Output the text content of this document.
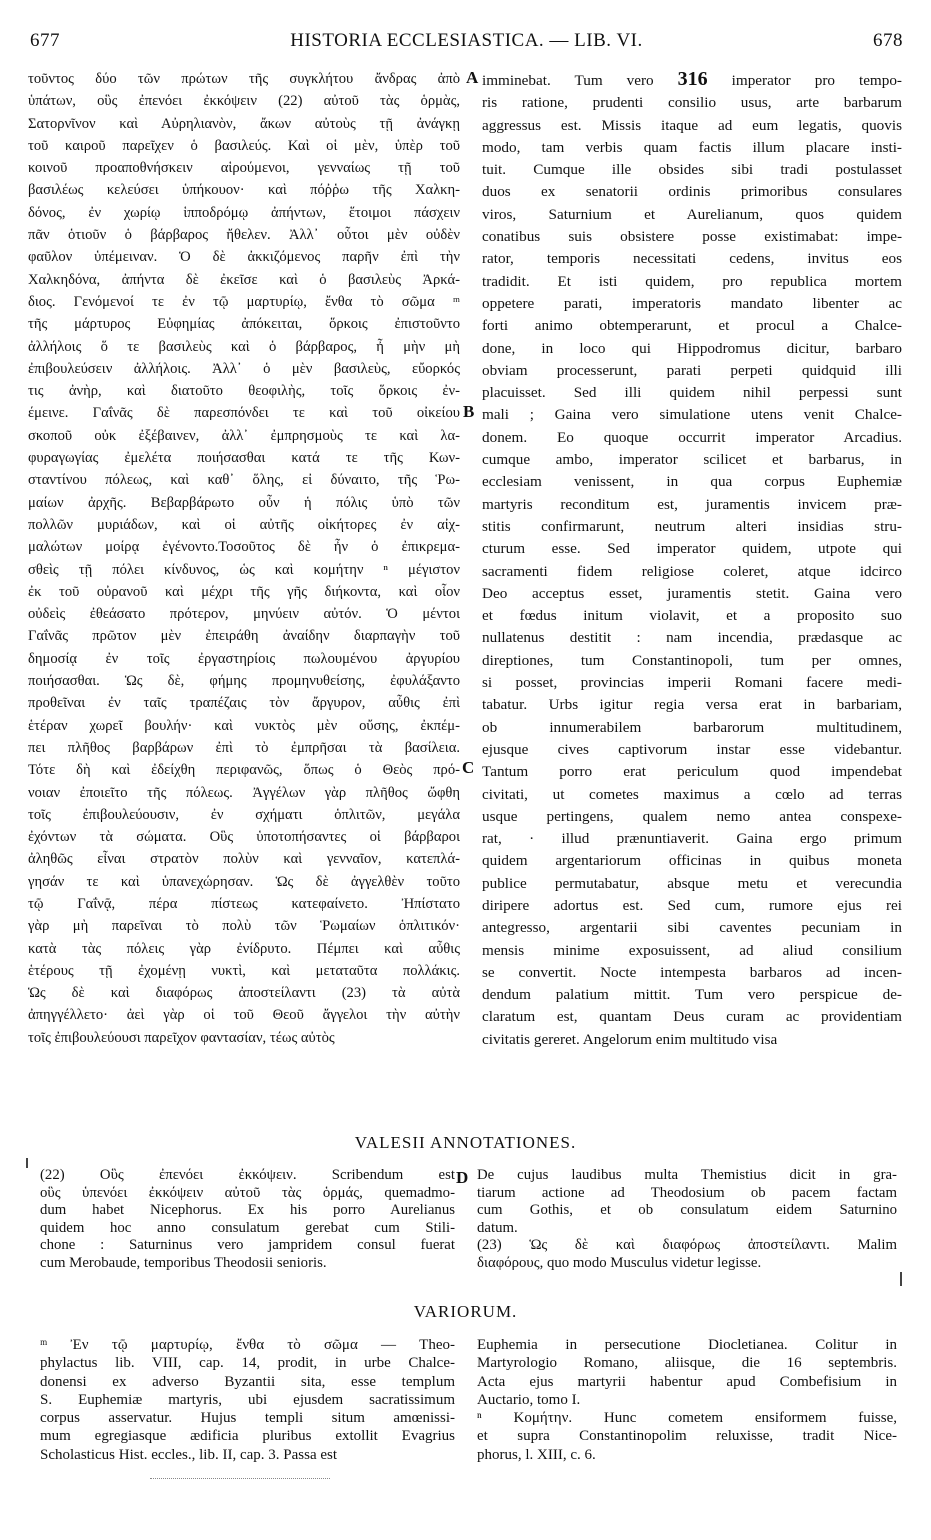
677	HISTORIA ECCLESIASTICA. — LIB. VI.	678
τοῦντος δύο τῶν πρώτων τῆς συγκλήτου ἄνδρας ἀπὸ
ὑπάτων, οὓς ἐπενόει ἐκκόψειν (22) αὐτοῦ τὰς ὁρμὰς,
Σατορνῖνον καὶ Αὐρηλιανὸν, ἄκων αὐτοὺς τῇ ἀνάγκῃ
τοῦ καιροῦ παρεῖχεν ὁ βασιλεύς. Καὶ οἱ μὲν, ὑπὲρ τοῦ
κοινοῦ προαποθνήσκειν αἱρούμενοι, γενναίως τῇ τοῦ
βασιλέως κελεύσει ὑπήκουον· καὶ πόῤῥω τῆς Χαλκη-
δόνος, ἐν χωρίῳ ἱπποδρόμῳ ἀπήντων, ἕτοιμοι πάσχειν
πᾶν ὁτιοῦν ὁ βάρβαρος ἤθελεν. Ἀλλ᾽ οὗτοι μὲν οὐδὲν
φαῦλον ὑπέμειναν. Ὁ δὲ ἀκκιζόμενος παρῆν ἐπὶ τὴν
Χαλκηδόνα, ἀπήντα δὲ ἐκεῖσε καὶ ὁ βασιλεὺς Ἀρκά-
διος. Γενόμενοί τε ἐν τῷ μαρτυρίῳ, ἔνθα τὸ σῶμα ᵐ
τῆς μάρτυρος Εὐφημίας ἀπόκειται, ὅρκοις ἐπιστοῦντο
ἀλλήλοις ὅ τε βασιλεὺς καὶ ὁ βάρβαρος, ἦ μὴν μὴ
ἐπιβουλεύσειν ἀλλήλοις. Ἀλλ᾽ ὁ μὲν βασιλεὺς, εὔορκός
τις ἀνὴρ, καὶ διατοῦτο θεοφιλὴς, τοῖς ὅρκοις ἐν-
έμεινε. Γαΐνᾶς δὲ παρεσπόνδει τε καὶ τοῦ οἰκείου
σκοποῦ οὐκ ἐξέβαινεν, ἀλλ᾽ ἐμπρησμοὺς τε καὶ λα-
φυραγωγίας ἐμελέτα ποιήσασθαι κατά τε τῆς Κων-
σταντίνου πόλεως, καὶ καθ᾽ ὅλης, εἰ δύναιτο, τῆς Ῥω-
μαίων ἀρχῆς. Βεβαρβάρωτο οὖν ἡ πόλις ὑπὸ τῶν
πολλῶν μυριάδων, καὶ οἱ αὐτῆς οἰκήτορες ἐν αἰχ-
μαλώτων μοίρᾳ ἐγένοντο.Τοσοῦτος δὲ ἦν ὁ ἐπικρεμα-
σθεὶς τῇ πόλει κίνδυνος, ὡς καὶ κομήτην ⁿ μέγιστον
ἐκ τοῦ οὐρανοῦ καὶ μέχρι τῆς γῆς διήκοντα, καὶ οἷον
οὐδεὶς ἐθεάσατο πρότερον, μηνύειν αὐτόν. Ὁ μέντοι
Γαΐνᾶς πρῶτον μὲν ἐπειράθη ἀναίδην διαρπαγὴν τοῦ
δημοσίᾳ ἐν τοῖς ἐργαστηρίοις πωλουμένου ἀργυρίου
ποιήσασθαι. Ὡς δὲ, φήμης προμηνυθείσης, ἐφυλάξαντο
προθεῖναι ἐν ταῖς τραπέζαις τὸν ἄργυρον, αὖθις ἐπὶ
ἑτέραν χωρεῖ βουλήν· καὶ νυκτὸς μὲν οὔσης, ἐκπέμ-
πει πλῆθος βαρβάρων ἐπὶ τὸ ἐμπρῆσαι τὰ βασίλεια.
Τότε δὴ καὶ ἐδείχθη περιφανῶς, ὅπως ὁ Θεὸς πρό-
νοιαν ἐποιεῖτο τῆς πόλεως. Ἀγγέλων γὰρ πλῆθος ὤφθη
τοῖς ἐπιβουλεύουσιν, ἐν σχήματι ὁπλιτῶν, μεγάλα
ἐχόντων τὰ σώματα. Οὓς ὑποτοπήσαντες οἱ βάρβαροι
ἀληθῶς εἶναι στρατὸν πολὺν καὶ γενναῖον, κατεπλά-
γησάν τε καὶ ὑπανεχώρησαν. Ὡς δὲ ἀγγελθὲν τοῦτο
τῷ Γαΐνᾷ, πέρα πίστεως κατεφαίνετο. Ἠπίστατο
γὰρ μὴ παρεῖναι τὸ πολὺ τῶν Ῥωμαίων ὁπλιτικόν·
κατὰ τὰς πόλεις γὰρ ἐνίδρυτο. Πέμπει καὶ αὖθις
ἑτέρους τῇ ἐχομένῃ νυκτὶ, καὶ μεταταῦτα πολλάκις.
Ὡς δὲ καὶ διαφόρως ἀποστείλαντι (23) τὰ αὐτὰ
ἀπηγγέλλετο· ἀεὶ γὰρ οἱ τοῦ Θεοῦ ἄγγελοι τὴν αὐτὴν
τοῖς ἐπιβουλεύουσι παρεῖχον φαντασίαν, τέως αὐτὸς
imminebat. Tum vero 316 imperator pro tempo-
ris ratione, prudenti consilio usus, arte barbarum
aggressus est. Missis itaque ad eum legatis, quovis
modo, tam verbis quam factis illum placare insti-
tuit. Cumque ille obsides sibi tradi postulasset
duos ex senatorii ordinis primoribus consulares
viros, Saturnium et Aurelianum, quos quidem
conatibus suis obsistere posse existimabat: impe-
rator, temporis necessitati cedens, invitus eos
tradidit. Et isti quidem, pro republica mortem
oppetere parati, imperatoris mandato libenter ac
forti animo obtemperarunt, et procul a Chalce-
done, in loco qui Hippodromus dicitur, barbaro
obviam processerunt, parati perpeti quidquid illi
placuisset. Sed illi quidem nihil perpessi sunt
mali ; Gaina vero simulatione utens venit Chalce-
donem. Eo quoque occurrit imperator Arcadius.
cumque ambo, imperator scilicet et barbarus, in
ecclesiam venissent, in qua corpus Euphemiæ
martyris reconditum est, juramentis invicem præ-
stitis confirmarunt, neutrum alteri insidias stru-
cturum esse. Sed imperator quidem, utpote qui
sacramenti fidem religiose coleret, atque idcirco
Deo acceptus esset, juramentis stetit. Gaina vero
et fœdus initum violavit, et a proposito suo
nullatenus destitit : nam incendia, prædasque ac
direptiones, tum Constantinopoli, tum per omnes,
si posset, provincias imperii Romani facere medi-
tabatur. Urbs igitur regia versa erat in barbariam,
ob innumerabilem barbarorum multitudinem,
ejusque cives captivorum instar esse videbantur.
Tantum porro erat periculum quod impendebat
civitati, ut cometes maximus a cœlo ad terras
usque pertingens, qualem nemo antea conspexe-
rat, · illud prænuntiaverit. Gaina ergo primum
quidem argentariorum officinas in quibus moneta
publice permutabatur, absque metu et verecundia
diripere adortus est. Sed cum, rumore ejus rei
antegresso, argentarii sibi caventes pecuniam in
mensis minime exposuissent, ad aliud consilium
se convertit. Nocte intempesta barbaros ad incen-
dendum palatium mittit. Tum vero perspicue de-
claratum est, quantam Deus curam ac providentiam
civitatis gereret. Angelorum enim multitudo visa
A
B
C
D
VALESII ANNOTATIONES.
(22) Οὓς ἐπενόει ἐκκόψειν. Scribendum est
οὓς ὑπενόει ἐκκόψειν αὐτοῦ τὰς ὁρμάς, quemadmo-
dum habet Nicephorus. Ex his porro Aurelianus
quidem hoc anno consulatum gerebat cum Stili-
chone : Saturninus vero jampridem consul fuerat
cum Merobaude, temporibus Theodosii senioris.
De cujus laudibus multa Themistius dicit in gra-
tiarum actione ad Theodosium ob pacem factam
cum Gothis, et ob consulatum eidem Saturnino
datum.
(23) Ὡς δὲ καὶ διαφόρως ἀποστείλαντι. Malim
διαφόρους, quo modo Musculus videtur legisse.
VARIORUM.
ᵐ Ἐν τῷ μαρτυρίῳ, ἔνθα τὸ σῶμα — Theo-
phylactus lib. VIII, cap. 14, prodit, in urbe Chalce-
donensi ex adverso Byzantii sita, esse templum
S. Euphemiæ martyris, ubi ejusdem sacratissimum
corpus asservatur. Hujus templi situm amœnissi-
mum egregiasque ædificia pluribus extollit Evagrius
Scholasticus Hist. eccles., lib. II, cap. 3. Passa est
Euphemia in persecutione Diocletianea. Colitur in
Martyrologio Romano, aliisque, die 16 septembris.
Acta ejus martyrii habentur apud Combefisium in
Auctario, tomo I.
ⁿ Κομήτην. Hunc cometem ensiformem fuisse,
et supra Constantinopolim reluxisse, tradit Nice-
phorus, l. XIII, c. 6.
